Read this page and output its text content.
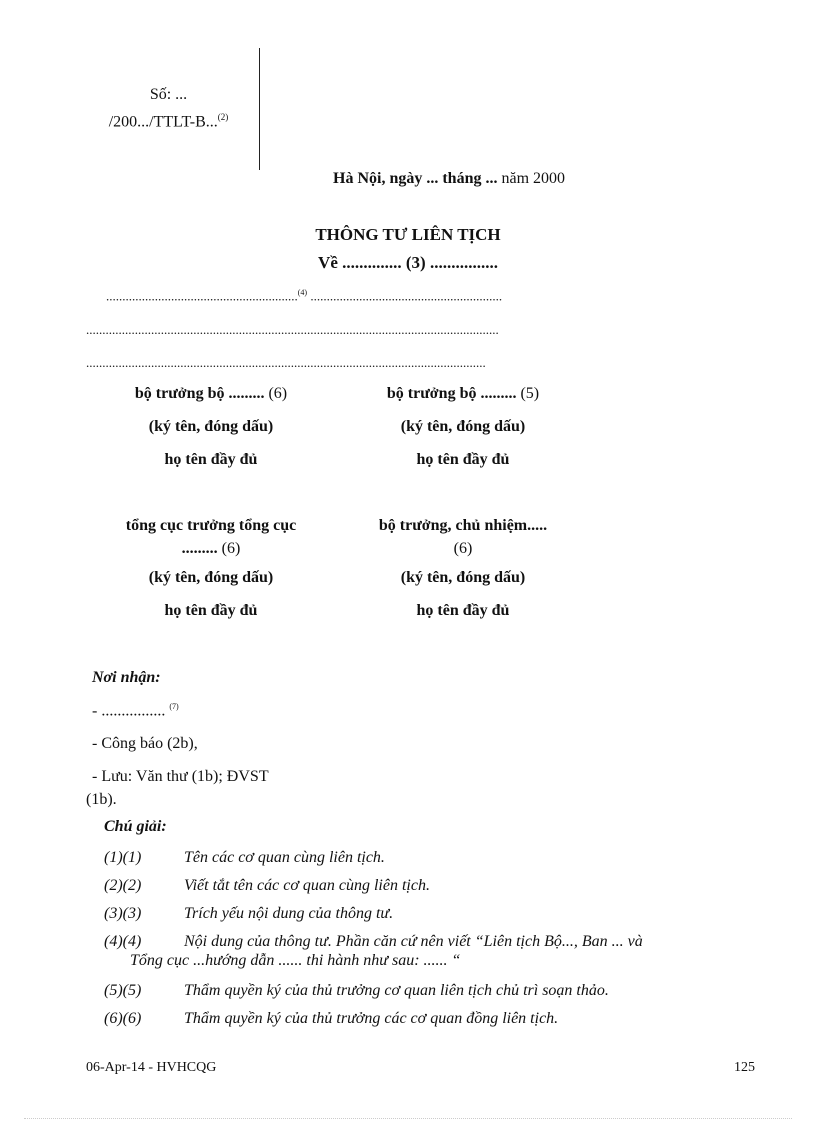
Số: ...
/200.../TTLT-B...$^{(2)}$
Hà Nội, ngày ... tháng ... năm 2000
THÔNG TƯ LIÊN TỊCH
Về .............. (3) ................
...........................................................$^{(4)}$ ...........................................................
...............................................................................................................................
...........................................................................................................................
bộ trưởng bộ ......... (6)
(ký tên, đóng dấu)
họ tên đầy đủ
bộ trưởng bộ ......... (5)
(ký tên, đóng dấu)
họ tên đầy đủ
tổng cục trưởng tổng cục
......... (6)
(ký tên, đóng dấu)
họ tên đầy đủ
bộ trưởng, chủ nhiệm.....
(6)
(ký tên, đóng dấu)
họ tên đầy đủ
Nơi nhận:
- ................ $^{(7)}$
- Công báo (2b),
- Lưu: Văn thư (1b); ĐVST
(1b).
Chú giải:
(1)(1)	Tên các cơ quan cùng liên tịch.
(2)(2)	Viết tắt tên các cơ quan cùng liên tịch.
(3)(3)	Trích yếu nội dung của thông tư.
(4)(4)	Nội dung của thông tư. Phần căn cứ nên viết “Liên tịch Bộ..., Ban ... và
Tổng cục ...hướng dẫn ...... thi hành như sau: ...... “
(5)(5)	Thẩm quyền ký của thủ trưởng cơ quan liên tịch chủ trì soạn thảo.
(6)(6)	Thẩm quyền ký của thủ trưởng các cơ quan đồng liên tịch.
06-Apr-14 - HVHCQG	125
